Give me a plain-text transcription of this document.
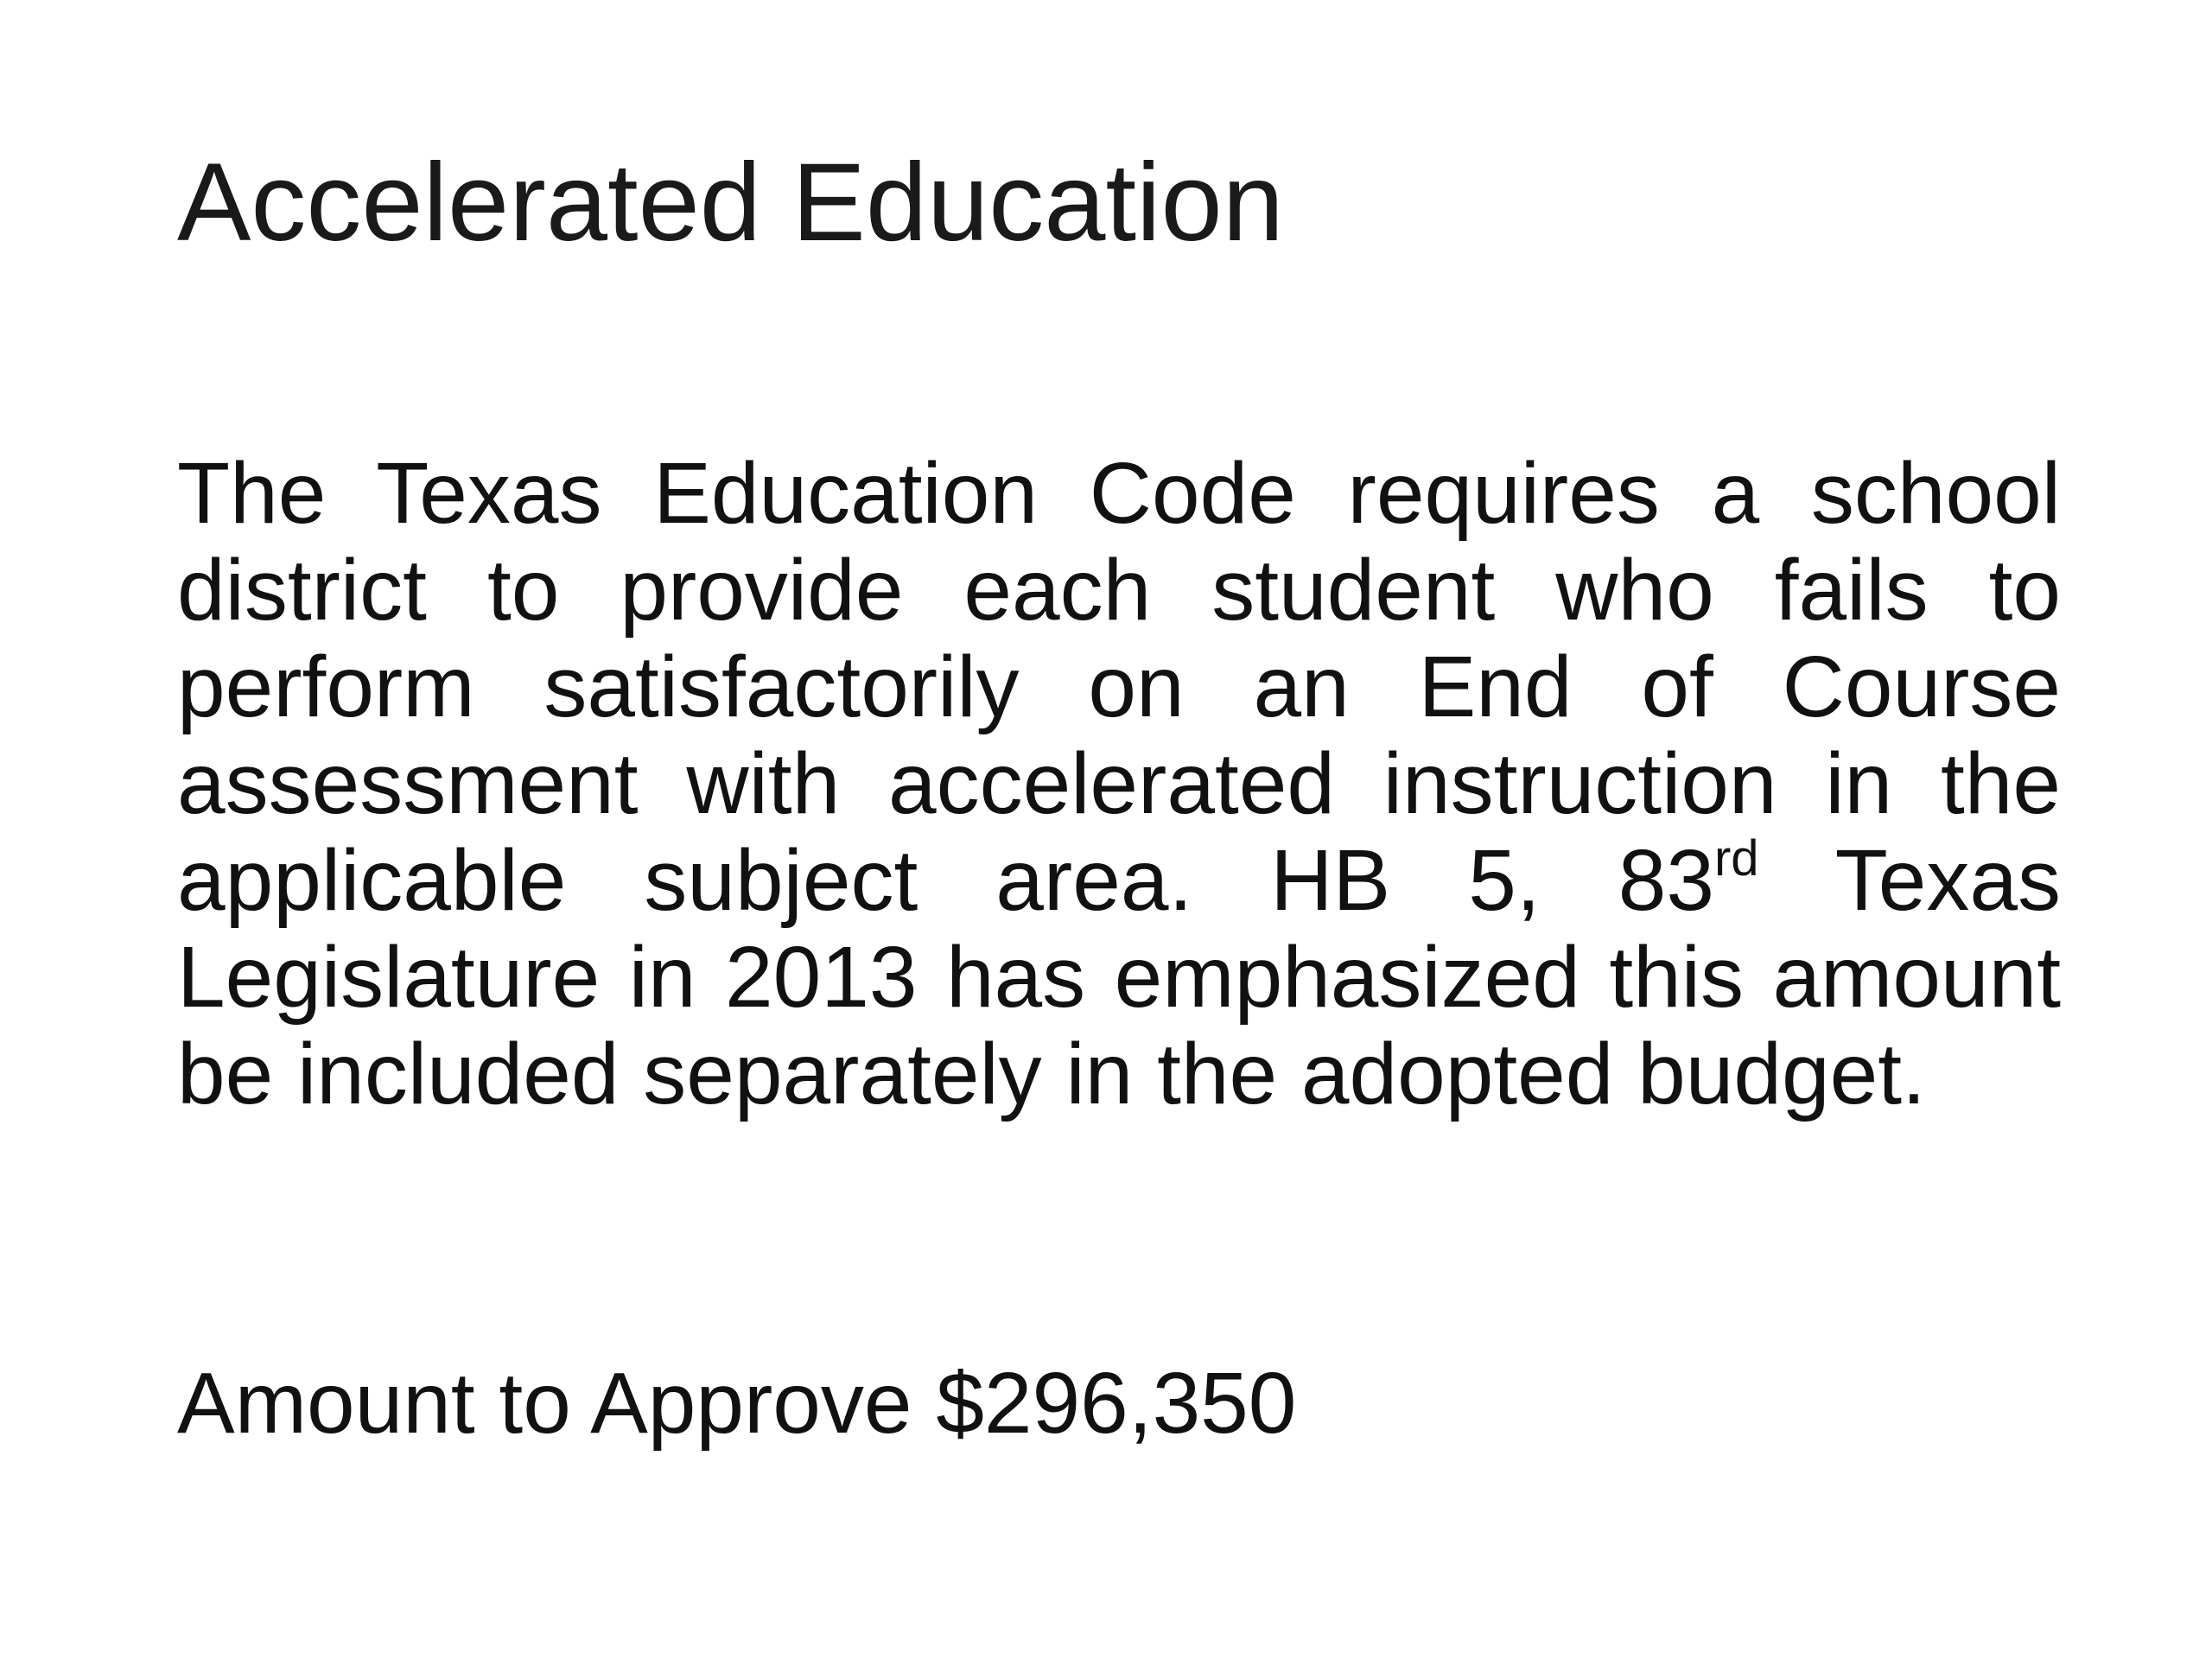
Accelerated Education

The Texas Education Code requires a school district to provide each student who fails to perform satisfactorily on an End of Course assessment with accelerated instruction in the applicable subject area. HB 5, 83rd Texas Legislature in 2013 has emphasized this amount be included separately in the adopted budget.

Amount to Approve $296,350
